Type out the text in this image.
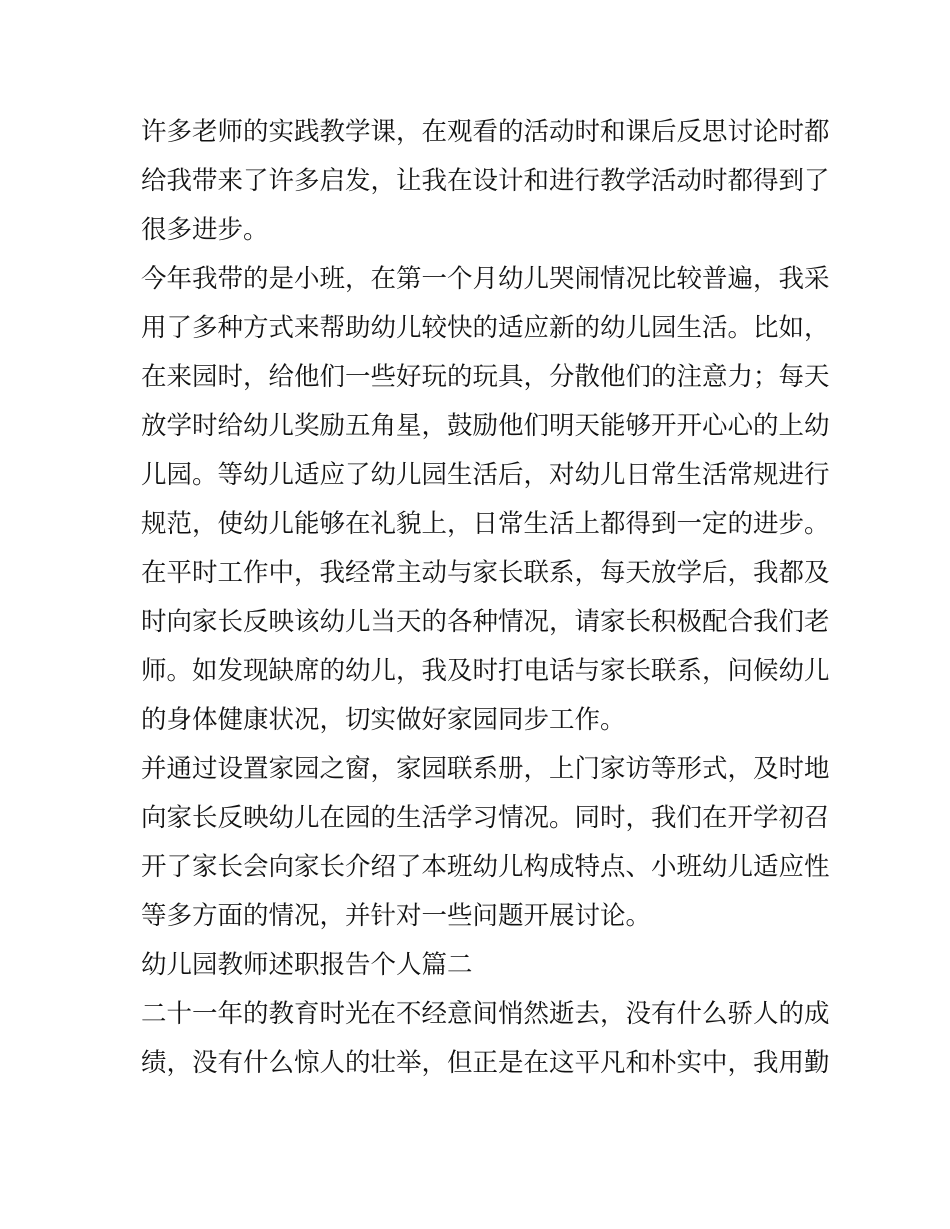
许多老师的实践教学课，在观看的活动时和课后反思讨论时都
给我带来了许多启发，让我在设计和进行教学活动时都得到了
很多进步。
今年我带的是小班，在第一个月幼儿哭闹情况比较普遍，我采
用了多种方式来帮助幼儿较快的适应新的幼儿园生活。比如，
在来园时，给他们一些好玩的玩具，分散他们的注意力；每天
放学时给幼儿奖励五角星，鼓励他们明天能够开开心心的上幼
儿园。等幼儿适应了幼儿园生活后，对幼儿日常生活常规进行
规范，使幼儿能够在礼貌上，日常生活上都得到一定的进步。
在平时工作中，我经常主动与家长联系，每天放学后，我都及
时向家长反映该幼儿当天的各种情况，请家长积极配合我们老
师。如发现缺席的幼儿，我及时打电话与家长联系，问候幼儿
的身体健康状况，切实做好家园同步工作。
并通过设置家园之窗，家园联系册，上门家访等形式，及时地
向家长反映幼儿在园的生活学习情况。同时，我们在开学初召
开了家长会向家长介绍了本班幼儿构成特点、小班幼儿适应性
等多方面的情况，并针对一些问题开展讨论。
幼儿园教师述职报告个人篇二
二十一年的教育时光在不经意间悄然逝去，没有什么骄人的成
绩，没有什么惊人的壮举，但正是在这平凡和朴实中，我用勤
